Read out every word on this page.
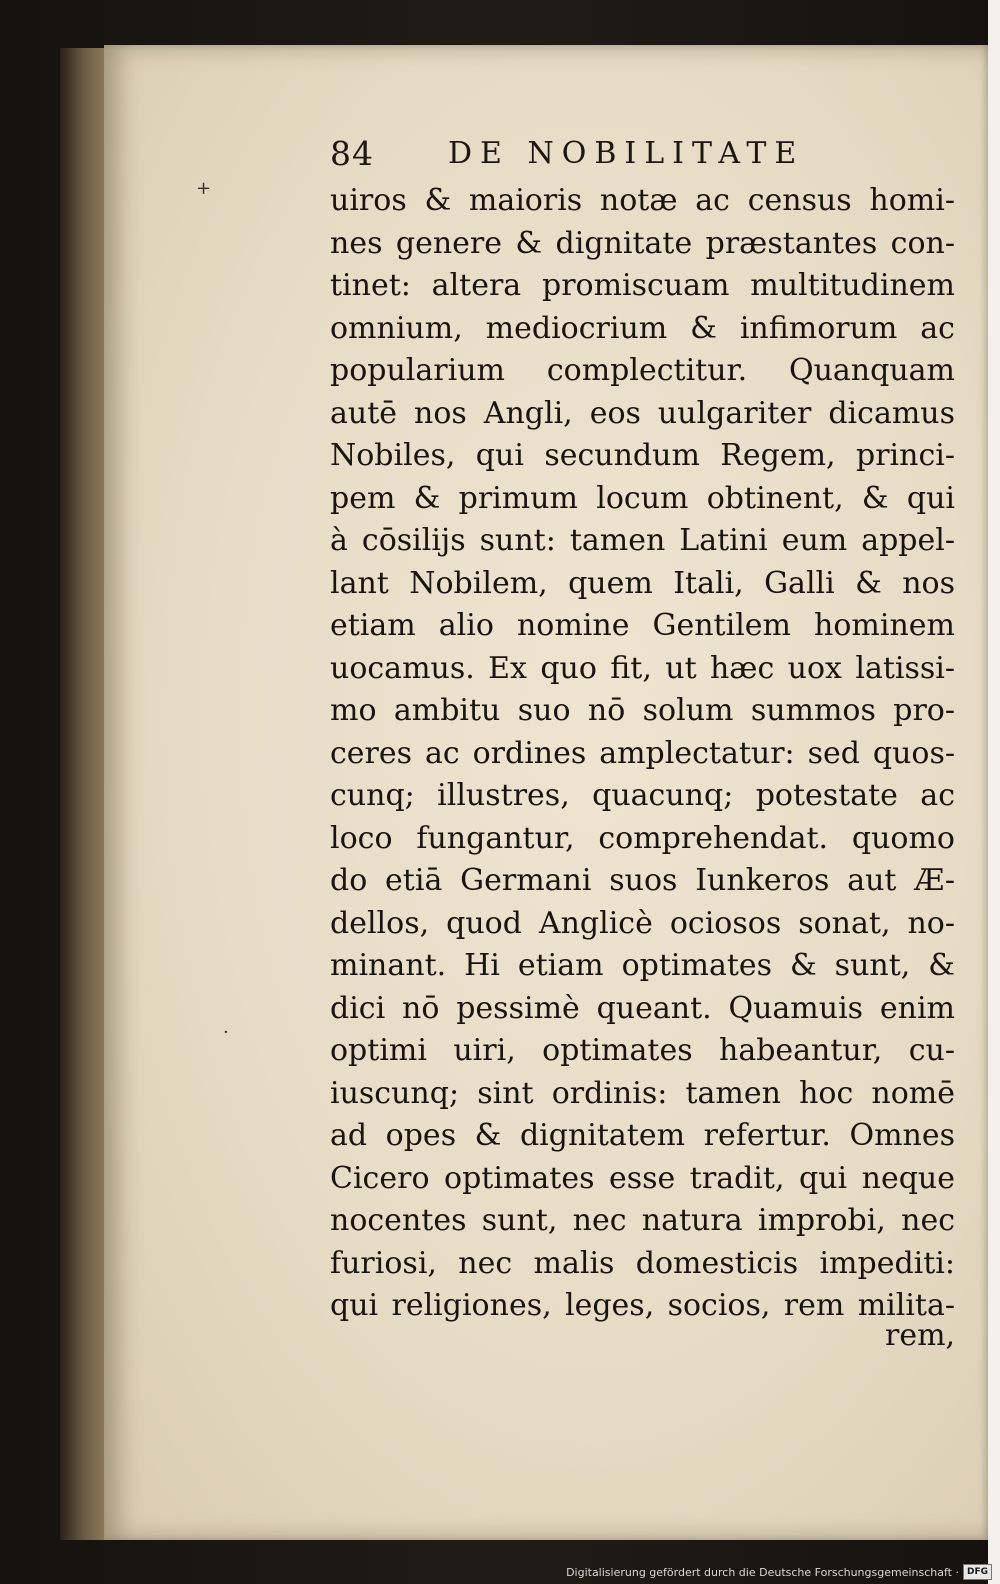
+
·
84 DE NOBILITATE
uiros & maioris notæ ac census homi-
nes genere & dignitate præstantes con-
tinet: altera promiscuam multitudinem
omnium, mediocrium & infimorum ac
popularium complectitur. Quanquam
autē nos Angli, eos uulgariter dicamus
Nobiles, qui secundum Regem, princi-
pem & primum locum obtinent, & qui
à cōsilijs sunt: tamen Latini eum appel-
lant Nobilem, quem Itali, Galli & nos
etiam alio nomine Gentilem hominem
uocamus. Ex quo fit, ut hæc uox latissi-
mo ambitu suo nō solum summos pro-
ceres ac ordines amplectatur: sed quos-
cunq; illustres, quacunq; potestate ac
loco fungantur, comprehendat. quomo
do etiā Germani suos Iunkeros aut Æ-
dellos, quod Anglicè ociosos sonat, no-
minant. Hi etiam optimates & sunt, &
dici nō pessimè queant. Quamuis enim
optimi uiri, optimates habeantur, cu-
iuscunq; sint ordinis: tamen hoc nomē
ad opes & dignitatem refertur. Omnes
Cicero optimates esse tradit, qui neque
nocentes sunt, nec natura improbi, nec
furiosi, nec malis domesticis impediti:
qui religiones, leges, socios, rem milita-
rem,
Digitalisierung gefördert durch die Deutsche Forschungsgemeinschaft · DFG
